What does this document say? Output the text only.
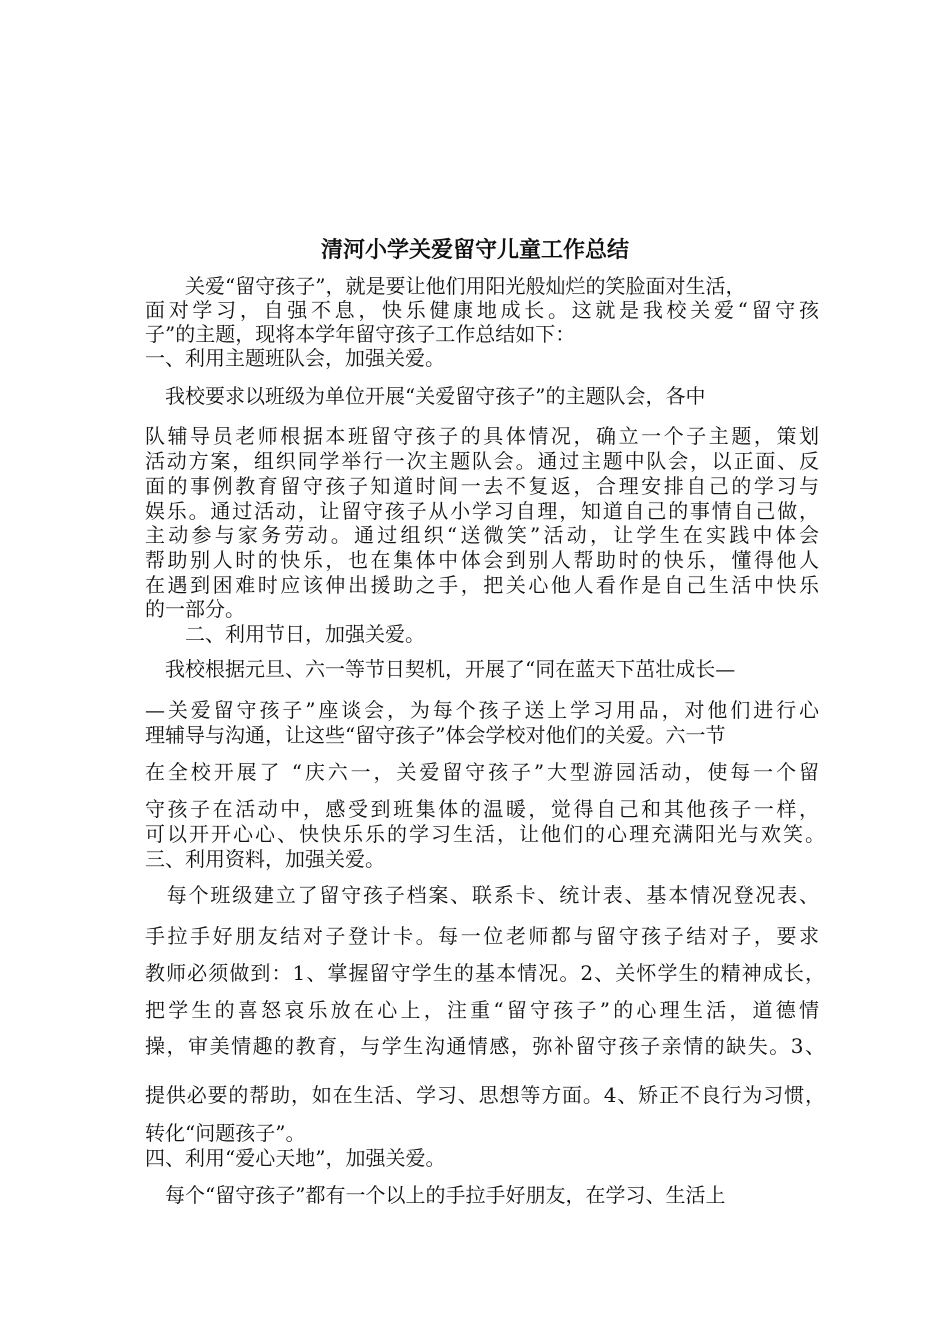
清河小学关爱留守儿童工作总结
　　关爱“留守孩子”，就是要让他们用阳光般灿烂的笑脸面对生活，
面对学习，自强不息，快乐健康地成长。这就是我校关爱“留守孩
子”的主题，现将本学年留守孩子工作总结如下：
一、利用主题班队会，加强关爱。
　我校要求以班级为单位开展“关爱留守孩子”的主题队会，各中
队辅导员老师根据本班留守孩子的具体情况，确立一个子主题，策划
活动方案，组织同学举行一次主题队会。通过主题中队会，以正面、反
面的事例教育留守孩子知道时间一去不复返，合理安排自己的学习与
娱乐。通过活动，让留守孩子从小学习自理，知道自己的事情自己做，
主动参与家务劳动。通过组织“送微笑”活动，让学生在实践中体会
帮助别人时的快乐，也在集体中体会到别人帮助时的快乐，懂得他人
在遇到困难时应该伸出援助之手，把关心他人看作是自己生活中快乐
的一部分。
　　二、利用节日，加强关爱。
　我校根据元旦、六一等节日契机，开展了“同在蓝天下茁壮成长—
—关爱留守孩子”座谈会，为每个孩子送上学习用品，对他们进行心
理辅导与沟通，让这些“留守孩子”体会学校对他们的关爱。六一节
在全校开展了 “庆六一，关爱留守孩子”大型游园活动，使每一个留
守孩子在活动中，感受到班集体的温暖，觉得自己和其他孩子一样，
可以开开心心、快快乐乐的学习生活，让他们的心理充满阳光与欢笑。
三、利用资料，加强关爱。
　每个班级建立了留守孩子档案、联系卡、统计表、基本情况登况表、
手拉手好朋友结对子登计卡。每一位老师都与留守孩子结对子，要求
教师必须做到：1、掌握留守学生的基本情况。2、关怀学生的精神成长，
把学生的喜怒哀乐放在心上，注重“留守孩子”的心理生活，道德情
操，审美情趣的教育，与学生沟通情感，弥补留守孩子亲情的缺失。3、
提供必要的帮助，如在生活、学习、思想等方面。4、矫正不良行为习惯，
转化“问题孩子”。
四、利用“爱心天地”，加强关爱。
　每个“留守孩子”都有一个以上的手拉手好朋友，在学习、生活上
